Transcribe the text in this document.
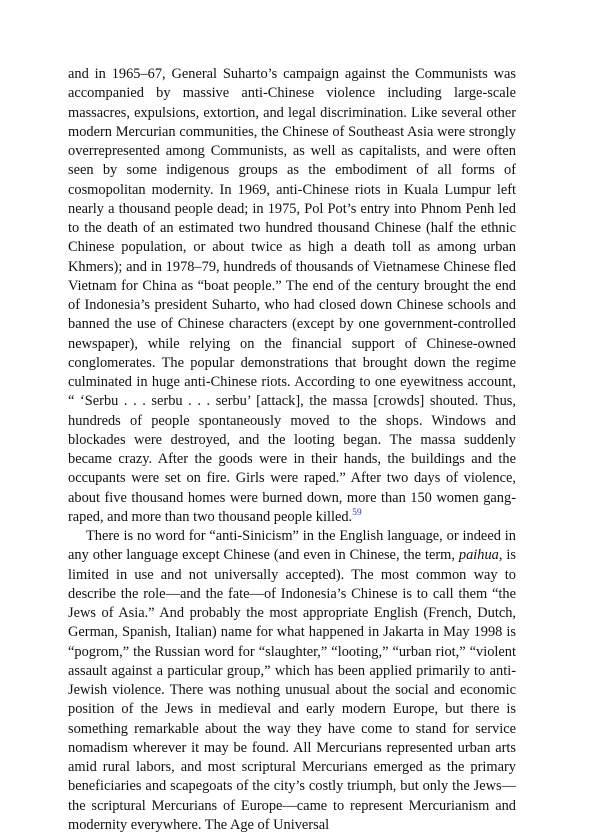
and in 1965–67, General Suharto’s campaign against the Communists was accompanied by massive anti-Chinese violence including large-scale massacres, expulsions, extortion, and legal discrimination. Like several other modern Mercurian communities, the Chinese of Southeast Asia were strongly overrepresented among Communists, as well as capitalists, and were often seen by some indigenous groups as the embodiment of all forms of cosmopolitan modernity. In 1969, anti-Chinese riots in Kuala Lumpur left nearly a thousand people dead; in 1975, Pol Pot’s entry into Phnom Penh led to the death of an estimated two hundred thousand Chinese (half the ethnic Chinese population, or about twice as high a death toll as among urban Khmers); and in 1978–79, hundreds of thousands of Vietnamese Chinese fled Vietnam for China as “boat people.” The end of the century brought the end of Indonesia’s president Suharto, who had closed down Chinese schools and banned the use of Chinese characters (except by one government-controlled newspaper), while relying on the financial support of Chinese-owned conglomerates. The popular demonstrations that brought down the regime culminated in huge anti-Chinese riots. According to one eyewitness account, “ ‘Serbu . . . serbu . . . serbu’ [attack], the massa [crowds] shouted. Thus, hundreds of people spontaneously moved to the shops. Windows and blockades were destroyed, and the looting began. The massa suddenly became crazy. After the goods were in their hands, the buildings and the occupants were set on fire. Girls were raped.” After two days of violence, about five thousand homes were burned down, more than 150 women gang-raped, and more than two thousand people killed.$^{59}$

There is no word for “anti-Sinicism” in the English language, or indeed in any other language except Chinese (and even in Chinese, the term, paihua, is limited in use and not universally accepted). The most common way to describe the role—and the fate—of Indonesia’s Chinese is to call them “the Jews of Asia.” And probably the most appropriate English (French, Dutch, German, Spanish, Italian) name for what happened in Jakarta in May 1998 is “pogrom,” the Russian word for “slaughter,” “looting,” “urban riot,” “violent assault against a particular group,” which has been applied primarily to anti-Jewish violence. There was nothing unusual about the social and economic position of the Jews in medieval and early modern Europe, but there is something remarkable about the way they have come to stand for service nomadism wherever it may be found. All Mercurians represented urban arts amid rural labors, and most scriptural Mercurians emerged as the primary beneficiaries and scapegoats of the city’s costly triumph, but only the Jews—the scriptural Mercurians of Europe—came to represent Mercurianism and modernity everywhere. The Age of Universal
